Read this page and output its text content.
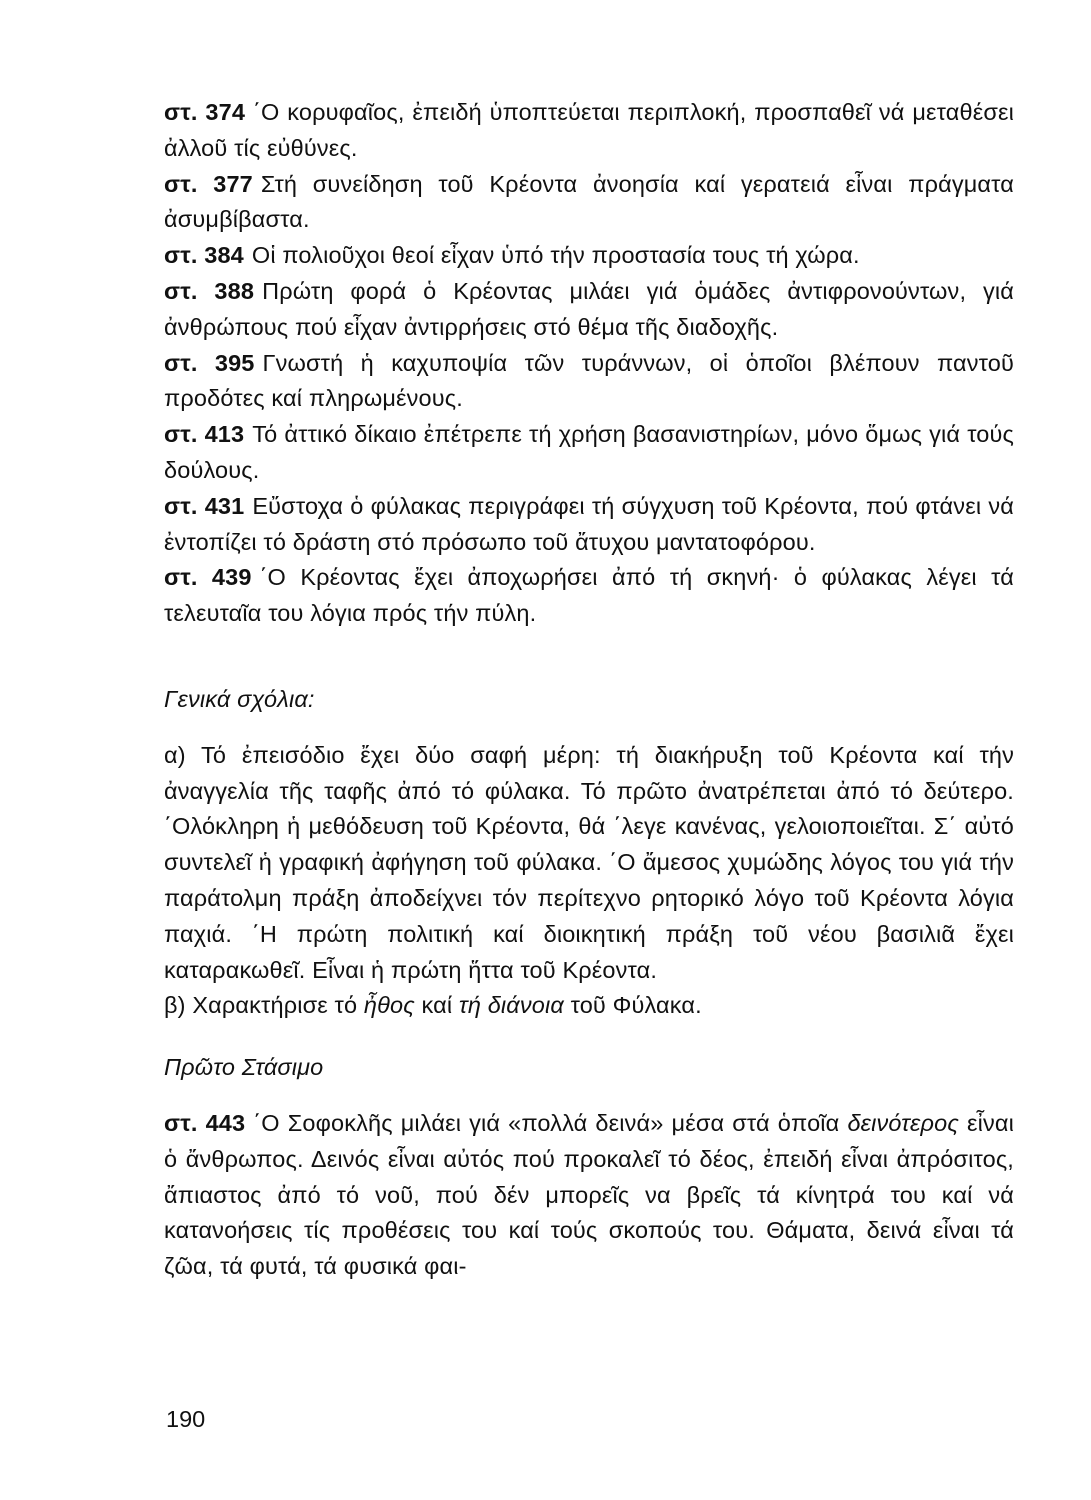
στ. 374 ΄Ο κορυφαῖος, ἐπειδή ὑποπτεύεται περιπλοκή, προσπαθεῖ νά μεταθέσει ἀλλοῦ τίς εὐθύνες.

στ. 377 Στή συνείδηση τοῦ Κρέοντα ἀνοησία καί γερατειά εἶναι πράγματα ἀσυμβίβαστα.

στ. 384 Οἱ πολιοῦχοι θεοί εἶχαν ὑπό τήν προστασία τους τή χώρα.

στ. 388 Πρώτη φορά ὁ Κρέοντας μιλάει γιά ὁμάδες ἀντιφρονούντων, γιά ἀνθρώπους πού εἶχαν ἀντιρρήσεις στό θέμα τῆς διαδοχῆς.

στ. 395 Γνωστή ἡ καχυποψία τῶν τυράννων, οἱ ὁποῖοι βλέπουν παντοῦ προδότες καί πληρωμένους.

στ. 413 Τό ἀττικό δίκαιο ἐπέτρεπε τή χρήση βασανιστηρίων, μόνο ὅμως γιά τούς δούλους.

στ. 431 Εὔστοχα ὁ φύλακας περιγράφει τή σύγχυση τοῦ Κρέοντα, πού φτάνει νά ἐντοπίζει τό δράστη στό πρόσωπο τοῦ ἄτυχου μαντατοφόρου.

στ. 439 ΄Ο Κρέοντας ἔχει ἀποχωρήσει ἀπό τή σκηνή· ὁ φύλακας λέγει τά τελευταῖα του λόγια πρός τήν πύλη.

Γενικά σχόλια:

α) Τό ἐπεισόδιο ἔχει δύο σαφή μέρη: τή διακήρυξη τοῦ Κρέοντα καί τήν ἀναγγελία τῆς ταφῆς ἀπό τό φύλακα. Τό πρῶτο ἀνατρέπεται ἀπό τό δεύτερο. ΄Ολόκληρη ἡ μεθόδευση τοῦ Κρέοντα, θά ΄λεγε κανένας, γελοιοποιεῖται. Σ΄ αὐτό συντελεῖ ἡ γραφική ἀφήγηση τοῦ φύλακα. ΄Ο ἄμεσος χυμώδης λόγος του γιά τήν παράτολμη πράξη ἀποδείχνει τόν περίτεχνο ρητορικό λόγο τοῦ Κρέοντα λόγια παχιά. ΄Η πρώτη πολιτική καί διοικητική πράξη τοῦ νέου βασιλιᾶ ἔχει καταρακωθεῖ. Εἶναι ἡ πρώτη ἥττα τοῦ Κρέοντα.

β) Χαρακτήρισε τό ἦθος καί τή διάνοια τοῦ Φύλακα.

Πρῶτο Στάσιμο

στ. 443 ΄Ο Σοφοκλῆς μιλάει γιά «πολλά δεινά» μέσα στά ὁποῖα δεινότερος εἶναι ὁ ἄνθρωπος. Δεινός εἶναι αὐτός πού προκαλεῖ τό δέος, ἐπειδή εἶναι ἀπρόσιτος, ἄπιαστος ἀπό τό νοῦ, πού δέν μπορεῖς να βρεῖς τά κίνητρά του καί νά κατανοήσεις τίς προθέσεις του καί τούς σκοπούς του. Θάματα, δεινά εἶναι τά ζῶα, τά φυτά, τά φυσικά φαι-

190
